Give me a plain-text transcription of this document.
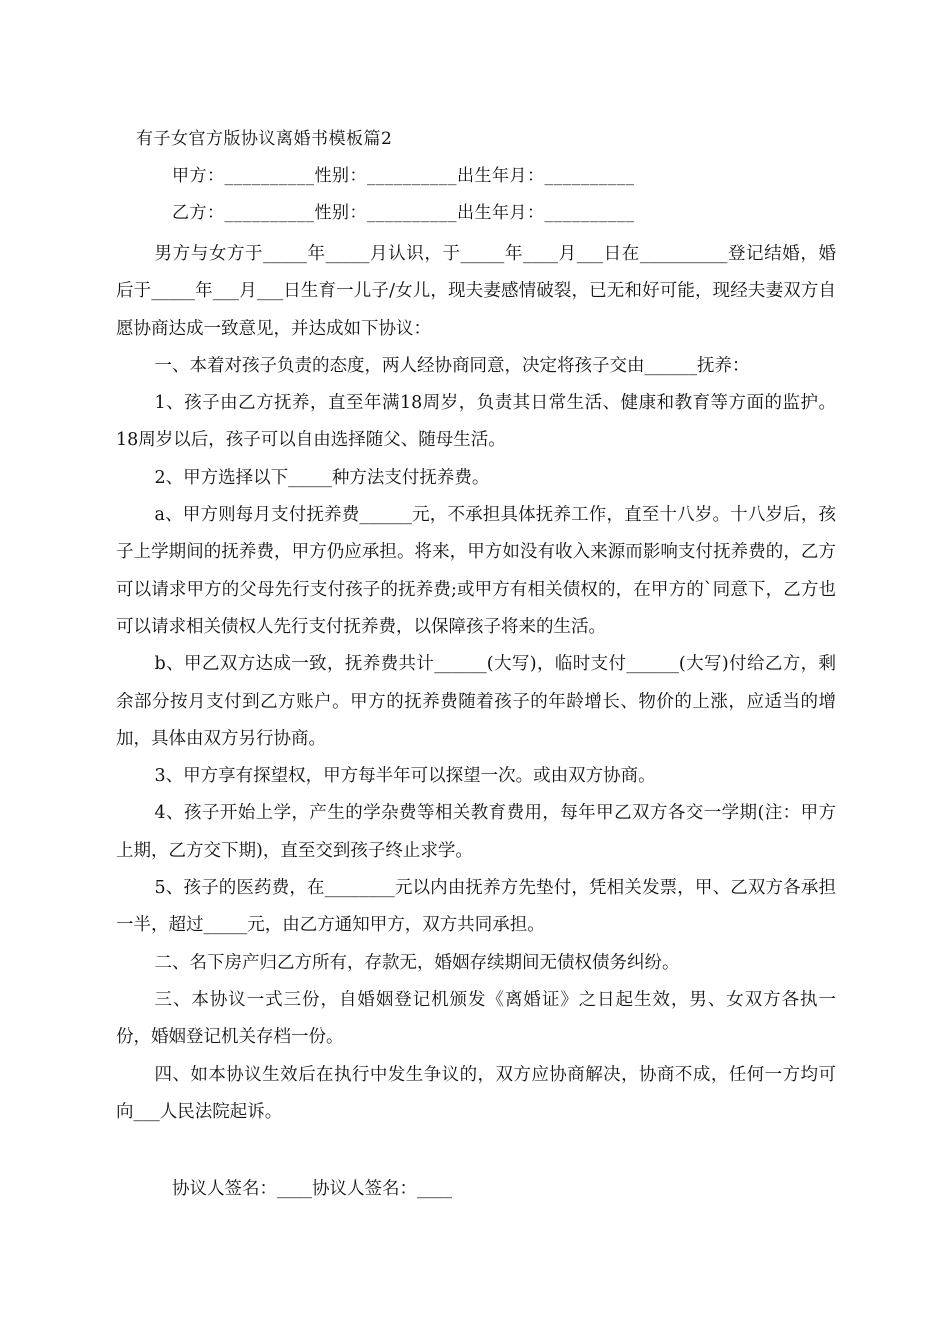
有子女官方版协议离婚书模板篇2
甲方：__________性别：__________出生年月：__________
乙方：__________性别：__________出生年月：__________

男方与女方于_____年_____月认识，于_____年____月___日在__________登记结婚，婚后于_____年___月___日生育一儿子/女儿，现夫妻感情破裂，已无和好可能，现经夫妻双方自愿协商达成一致意见，并达成如下协议：

一、本着对孩子负责的态度，两人经协商同意，决定将孩子交由______抚养：

1、孩子由乙方抚养，直至年满18周岁，负责其日常生活、健康和教育等方面的监护。18周岁以后，孩子可以自由选择随父、随母生活。

2、甲方选择以下_____种方法支付抚养费。

a、甲方则每月支付抚养费______元，不承担具体抚养工作，直至十八岁。十八岁后，孩子上学期间的抚养费，甲方仍应承担。将来，甲方如没有收入来源而影响支付抚养费的，乙方可以请求甲方的父母先行支付孩子的抚养费;或甲方有相关债权的，在甲方的`同意下，乙方也可以请求相关债权人先行支付抚养费，以保障孩子将来的生活。

b、甲乙双方达成一致，抚养费共计______(大写)，临时支付______(大写)付给乙方，剩余部分按月支付到乙方账户。甲方的抚养费随着孩子的年龄增长、物价的上涨，应适当的增加，具体由双方另行协商。

3、甲方享有探望权，甲方每半年可以探望一次。或由双方协商。

4、孩子开始上学，产生的学杂费等相关教育费用，每年甲乙双方各交一学期(注：甲方上期，乙方交下期)，直至交到孩子终止求学。

5、孩子的医药费，在________元以内由抚养方先垫付，凭相关发票，甲、乙双方各承担一半，超过_____元，由乙方通知甲方，双方共同承担。

二、名下房产归乙方所有，存款无，婚姻存续期间无债权债务纠纷。

三、本协议一式三份，自婚姻登记机颁发《离婚证》之日起生效，男、女双方各执一份，婚姻登记机关存档一份。

四、如本协议生效后在执行中发生争议的，双方应协商解决，协商不成，任何一方均可向___人民法院起诉。

协议人签名：____协议人签名：____
